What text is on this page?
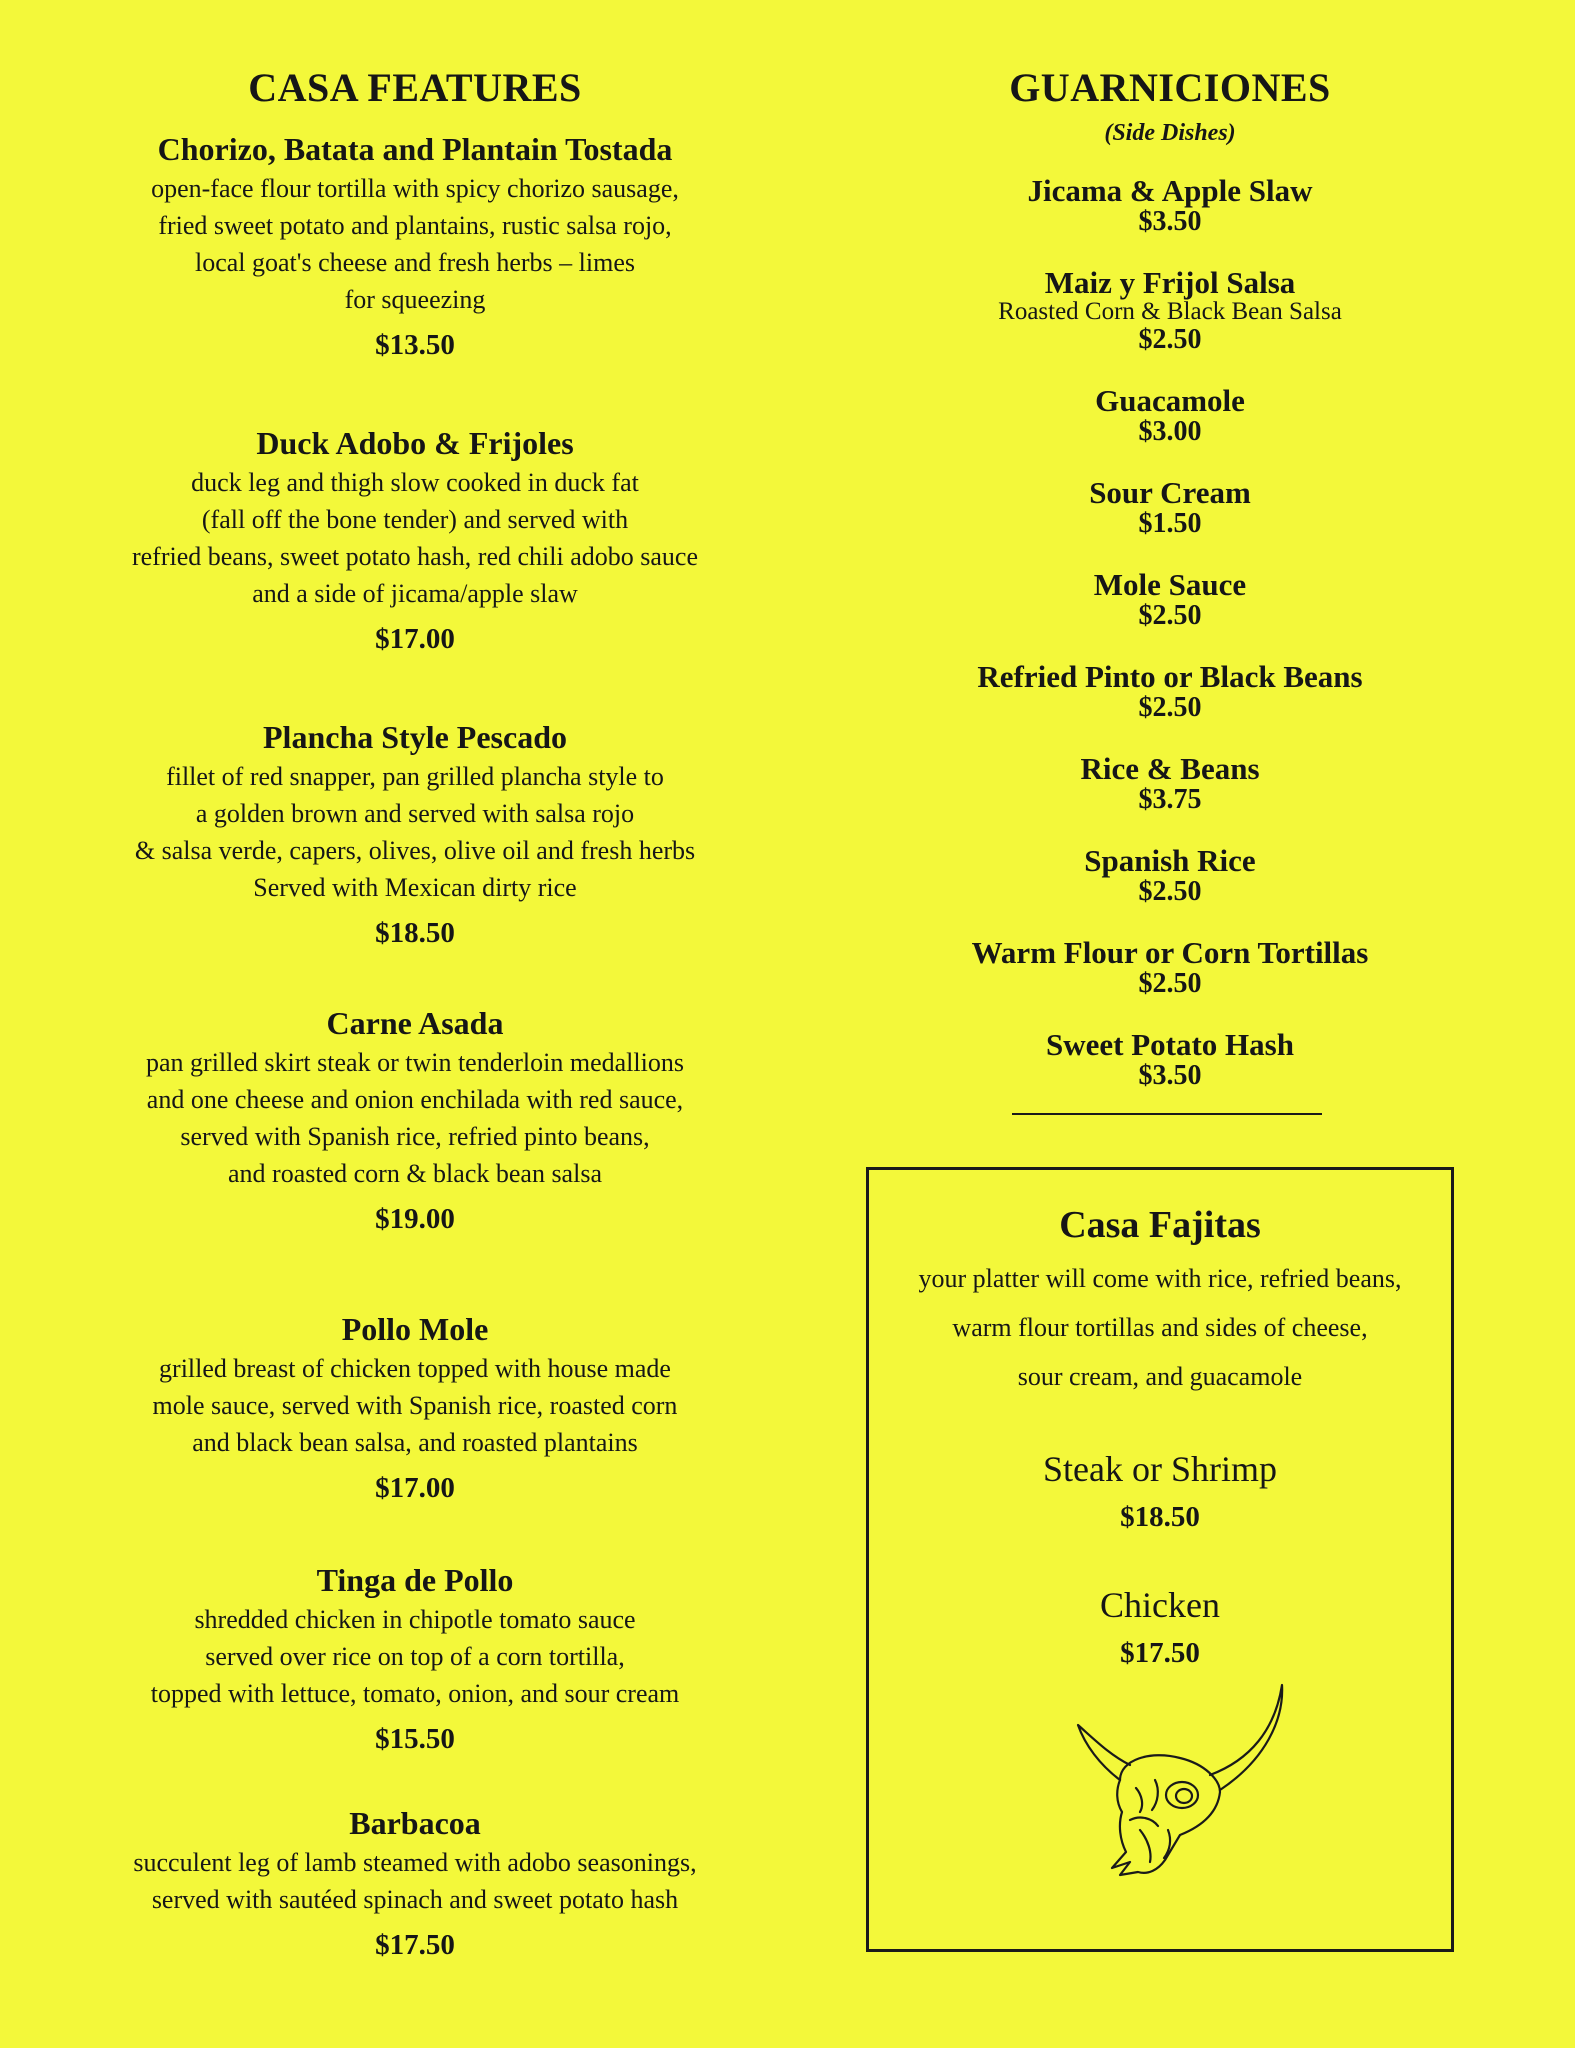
CASA FEATURES
Chorizo, Batata and Plantain Tostada
open-face flour tortilla with spicy chorizo sausage,
fried sweet potato and plantains, rustic salsa rojo,
local goat's cheese and fresh herbs – limes
for squeezing
$13.50
Duck Adobo & Frijoles
duck leg and thigh slow cooked in duck fat
(fall off the bone tender) and served with
refried beans, sweet potato hash, red chili adobo sauce
and a side of jicama/apple slaw
$17.00
Plancha Style Pescado
fillet of red snapper, pan grilled plancha style to
a golden brown and served with salsa rojo
& salsa verde, capers, olives, olive oil and fresh herbs
Served with Mexican dirty rice
$18.50
Carne Asada
pan grilled skirt steak or twin tenderloin medallions
and one cheese and onion enchilada with red sauce,
served with Spanish rice, refried pinto beans,
and roasted corn & black bean salsa
$19.00
Pollo Mole
grilled breast of chicken topped with house made
mole sauce, served with Spanish rice, roasted corn
and black bean salsa, and roasted plantains
$17.00
Tinga de Pollo
shredded chicken in chipotle tomato sauce
served over rice on top of a corn tortilla,
topped with lettuce, tomato, onion, and sour cream
$15.50
Barbacoa
succulent leg of lamb steamed with adobo seasonings,
served with sautéed spinach and sweet potato hash
$17.50
GUARNICIONES
(Side Dishes)
Jicama & Apple Slaw
$3.50
Maiz y Frijol Salsa
Roasted Corn & Black Bean Salsa
$2.50
Guacamole
$3.00
Sour Cream
$1.50
Mole Sauce
$2.50
Refried Pinto or Black Beans
$2.50
Rice & Beans
$3.75
Spanish Rice
$2.50
Warm Flour or Corn Tortillas
$2.50
Sweet Potato Hash
$3.50
Casa Fajitas
your platter will come with rice, refried beans,
warm flour tortillas and sides of cheese,
sour cream, and guacamole
Steak or Shrimp
$18.50
Chicken
$17.50
